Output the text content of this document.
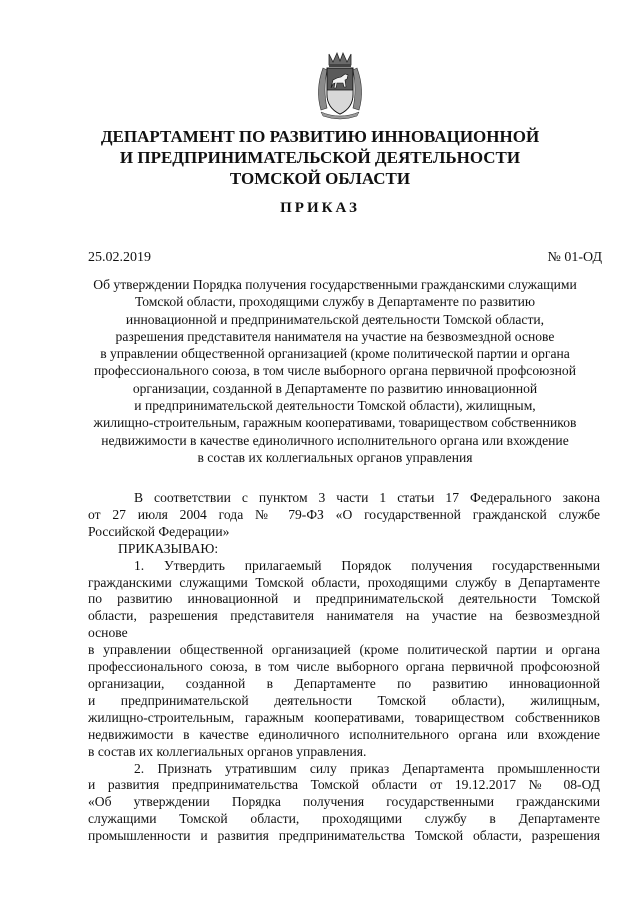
ДЕПАРТАМЕНТ ПО РАЗВИТИЮ ИННОВАЦИОННОЙ
И ПРЕДПРИНИМАТЕЛЬСКОЙ ДЕЯТЕЛЬНОСТИ
ТОМСКОЙ ОБЛАСТИ
ПРИКАЗ
25.02.2019	№ 01-ОД
Об утверждении Порядка получения государственными гражданскими служащими
Томской области, проходящими службу в Департаменте по развитию
инновационной и предпринимательской деятельности Томской области,
разрешения представителя нанимателя на участие на безвозмездной основе
в управлении общественной организацией (кроме политической партии и органа
профессионального союза, в том числе выборного органа первичной профсоюзной
организации, созданной в Департаменте по развитию инновационной
и предпринимательской деятельности Томской области), жилищным,
жилищно-строительным, гаражным кооперативами, товариществом собственников
недвижимости в качестве единоличного исполнительного органа или вхождение
в состав их коллегиальных органов управления
В соответствии с пунктом 3 части 1 статьи 17 Федерального закона
от 27 июля 2004 года № 79-ФЗ «О государственной гражданской службе
Российской Федерации»
ПРИКАЗЫВАЮ:
1. Утвердить прилагаемый Порядок получения государственными
гражданскими служащими Томской области, проходящими службу в Департаменте
по развитию инновационной и предпринимательской деятельности Томской
области, разрешения представителя нанимателя на участие на безвозмездной
основе
в управлении общественной организацией (кроме политической партии и органа
профессионального союза, в том числе выборного органа первичной профсоюзной
организации, созданной в Департаменте по развитию инновационной
и предпринимательской деятельности Томской области), жилищным,
жилищно-строительным, гаражным кооперативами, товариществом собственников
недвижимости в качестве единоличного исполнительного органа или вхождение
в состав их коллегиальных органов управления.
2. Признать утратившим силу приказ Департамента промышленности
и развития предпринимательства Томской области от 19.12.2017 № 08-ОД
«Об утверждении Порядка получения государственными гражданскими
служащими Томской области, проходящими службу в Департаменте
промышленности и развития предпринимательства Томской области, разрешения
